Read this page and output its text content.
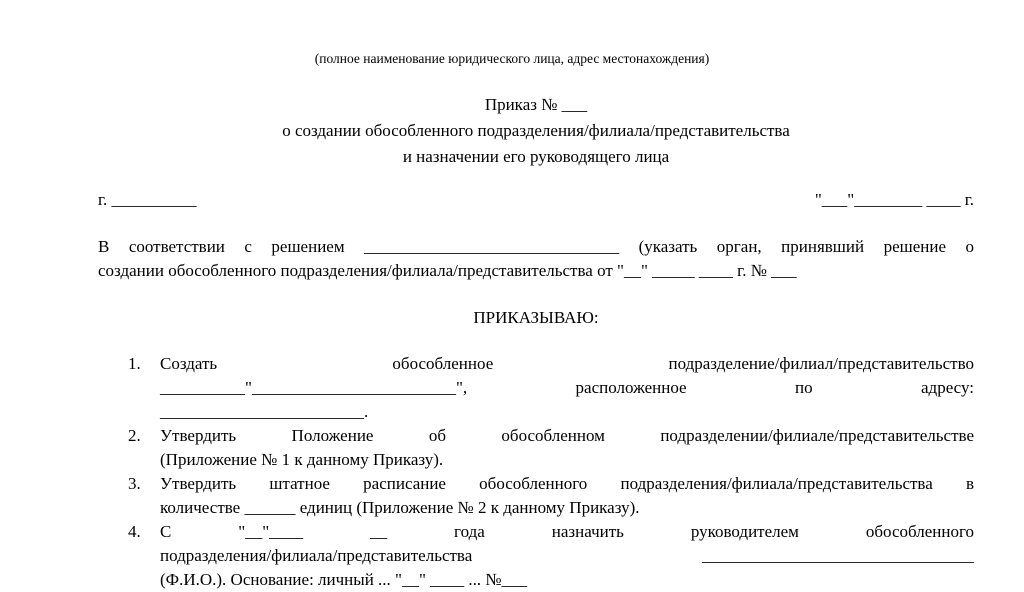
(полное наименование юридического лица, адрес местонахождения)
Приказ № ___
о создании обособленного подразделения/филиала/представительства
и назначении его руководящего лица
г. __________	"___"________ ____ г.
В соответствии с решением ______________________________ (указать орган, принявший решение о
создании обособленного подразделения/филиала/представительства от "__" _____ ____ г. № ___
ПРИКАЗЫВАЮ:
1. Создать обособленное подразделение/филиал/представительство
__________"________________________", расположенное по адресу:
________________________.
2. Утвердить Положение об обособленном подразделении/филиале/представительстве
(Приложение № 1 к данному Приказу).
3. Утвердить штатное расписание обособленного подразделения/филиала/представительства в
количестве ______ единиц (Приложение № 2 к данному Приказу).
4. С "__"____ __ года назначить руководителем обособленного
подразделения/филиала/представительства ________________________________
(Ф.И.О.). Основание: личный ... "__" ____ ... №___
